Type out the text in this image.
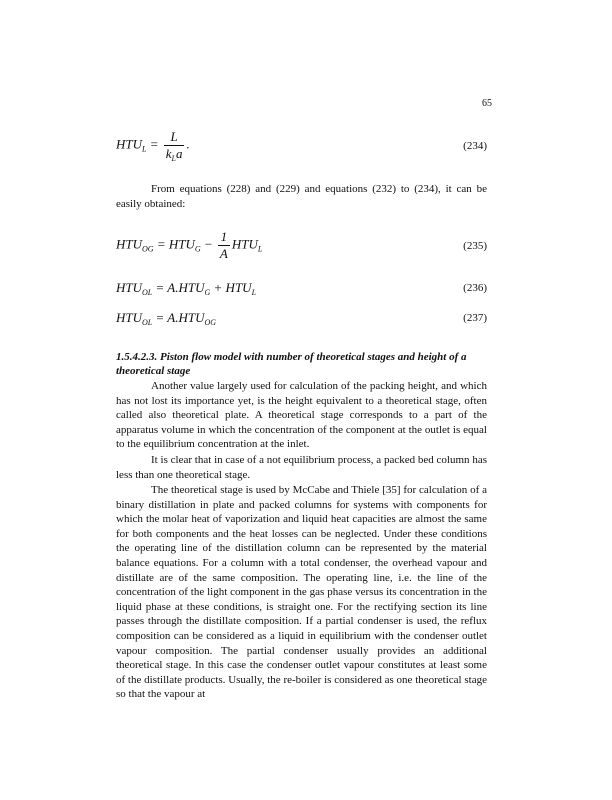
65
$HTU_L = \frac{L}{k_La}$ .	(234)
From equations (228) and (229) and equations (232) to (234), it can be easily obtained:
$HTU_{OG} = HTU_G - \frac{1}{A} HTU_L$	(235)
$HTU_{OL} = A.HTU_G + HTU_L$	(236)
$HTU_{OL} = A.HTU_{OG}$	(237)
1.5.4.2.3. Piston flow model with number of theoretical stages and height of a theoretical stage
Another value largely used for calculation of the packing height, and which has not lost its importance yet, is the height equivalent to a theoretical stage, often called also theoretical plate. A theoretical stage corresponds to a part of the apparatus volume in which the concentration of the component at the outlet is equal to the equilibrium concentration at the inlet.
It is clear that in case of a not equilibrium process, a packed bed column has less than one theoretical stage.
The theoretical stage is used by McCabe and Thiele [35] for calculation of a binary distillation in plate and packed columns for systems with components for which the molar heat of vaporization and liquid heat capacities are almost the same for both components and the heat losses can be neglected. Under these conditions the operating line of the distillation column can be represented by the material balance equations. For a column with a total condenser, the overhead vapour and distillate are of the same composition. The operating line, i.e. the line of the concentration of the light component in the gas phase versus its concentration in the liquid phase at these conditions, is straight one. For the rectifying section its line passes through the distillate composition. If a partial condenser is used, the reflux composition can be considered as a liquid in equilibrium with the condenser outlet vapour composition. The partial condenser usually provides an additional theoretical stage. In this case the condenser outlet vapour constitutes at least some of the distillate products. Usually, the re-boiler is considered as one theoretical stage so that the vapour at
